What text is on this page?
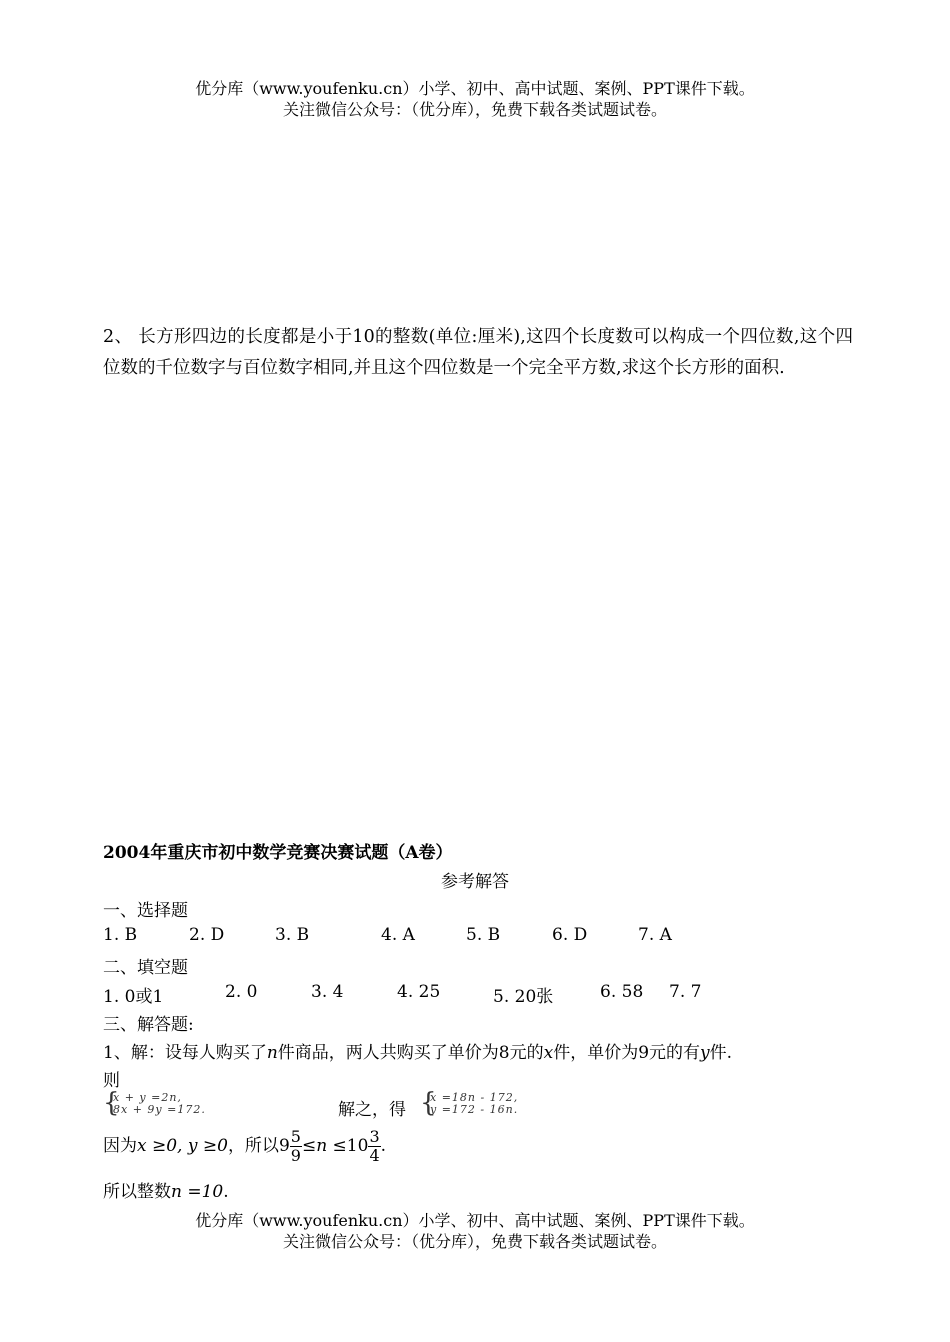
优分库（www.youfenku.cn）小学、初中、高中试题、案例、PPT课件下载。
关注微信公众号：（优分库），免费下载各类试题试卷。
2、 长方形四边的长度都是小于10的整数(单位:厘米),这四个长度数可以构成一个四位数,这个四位数的千位数字与百位数字相同,并且这个四位数是一个完全平方数,求这个长方形的面积.
2004年重庆市初中数学竞赛决赛试题（A卷）
参考解答
一、选择题
1. B	2. D	3. B	4. A	5. B	6. D	7. A
二、填空题
1. 0或1	2. 0	3. 4	4. 25	5. 20张	6. 58 7. 7
三、解答题:
1、解：设每人购买了n件商品，两人共购买了单价为8元的x件，单价为9元的有y件.
则
{
x + y =2n,
8x + 9y =172.	解之，得 {
x =18n - 172,
y =172 - 16n.
因为x ≥0, y ≥0，所以$9 \frac{5}{9} \le n \le 10 \frac{3}{4}$ .
所以整数n =10.
优分库（www.youfenku.cn）小学、初中、高中试题、案例、PPT课件下载。
关注微信公众号：（优分库），免费下载各类试题试卷。
